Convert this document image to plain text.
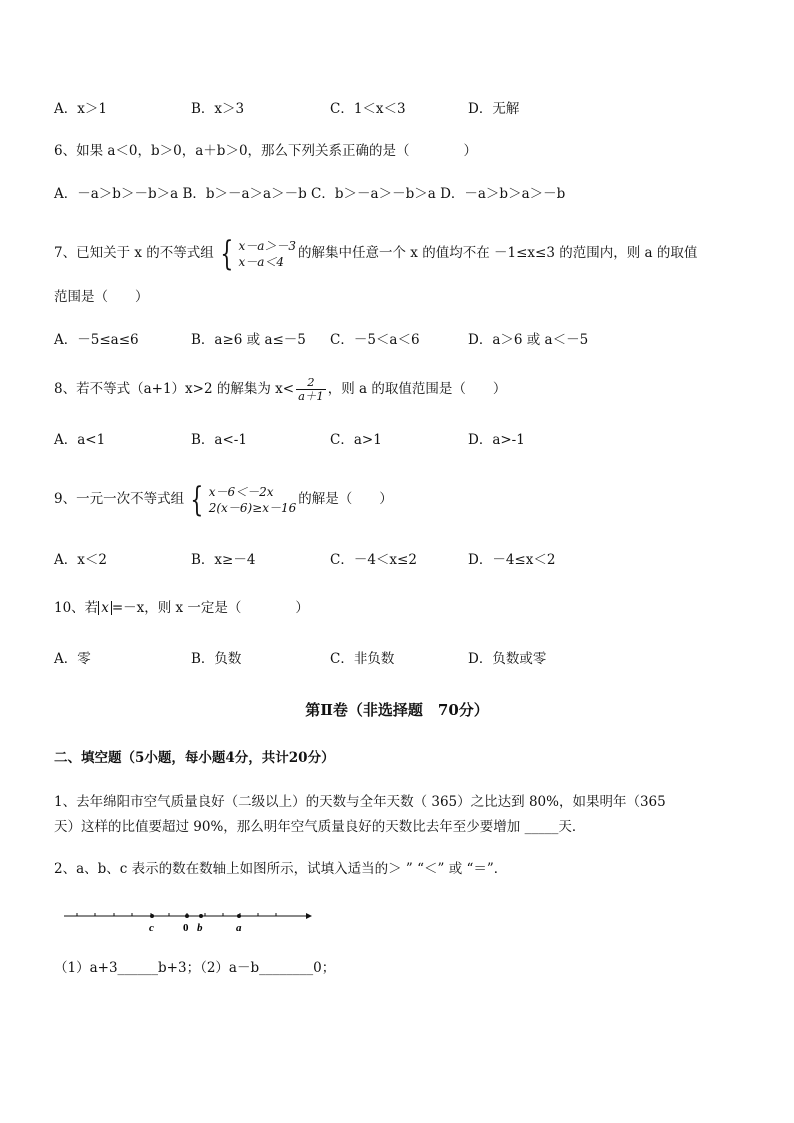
A．x＞1	B．x＞3	C．1＜x＜3	D．无解
6、如果 a＜0，b＞0，a＋b＞0，那么下列关系正确的是（　　　　）
A．－a＞b＞－b＞a B．b＞－a＞a＞－b C．b＞－a＞－b＞a D．－a＞b＞a＞－b
7、已知关于 x 的不等式组 { x－a＞－3
x－a＜4
的解集中任意一个 x 的值均不在 －1≤x≤3 的范围内，则 a 的取值
范围是（　　）
A．－5≤a≤6	B．a≥6 或 a≤－5 C．－5＜a＜6	D．a＞6 或 a＜－5
8、若不等式（a+1）x>2 的解集为 $x< \frac{2}{a+1}$ ，则 a 的取值范围是（　　）
A．a<1	B．a<-1	C．a>1	D．a>-1
9、一元一次不等式组 { x－6＜－2x
2(x－6)≥x－16
的解是（　　）
A．x＜2	B．x≥－4	C．－4＜x≤2	D．－4≤x＜2
10、若 x =－x，则 x 一定是（　　　　）
A．零	B．负数	C．非负数	D．负数或零
第Ⅱ卷（非选择题　70分）
二、填空题（5小题，每小题4分，共计20分）
1、去年绵阳市空气质量良好（二级以上）的天数与全年天数（ 365）之比达到 80%，如果明年（365
天）这样的比值要超过 90%，那么明年空气质量良好的天数比去年至少要增加 _____天．
2、a、b、c 表示的数在数轴上如图所示，试填入适当的＞ ” “＜” 或 “＝”．
c	0 b	a
（1）a+3______b+3；（2）a－b________0；
